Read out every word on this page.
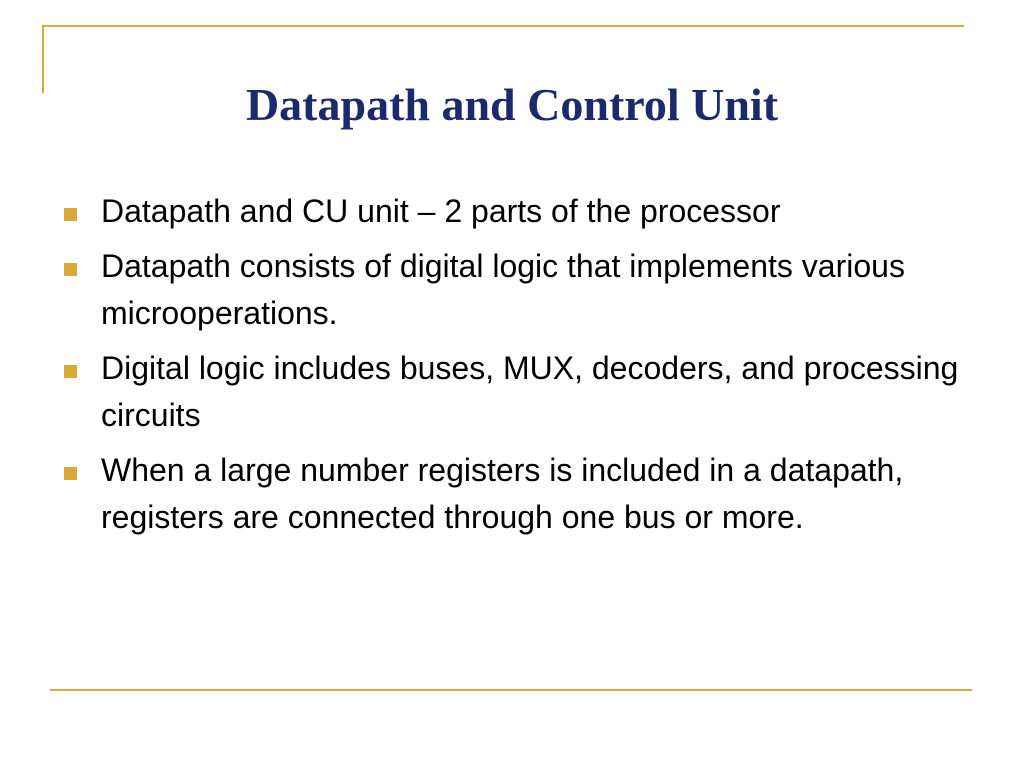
Datapath and Control Unit
Datapath and CU unit – 2 parts of the processor
Datapath consists of digital logic that implements various microoperations.
Digital logic includes buses, MUX, decoders, and processing circuits
When a large number registers is included in a datapath, registers are connected through one bus or more.
